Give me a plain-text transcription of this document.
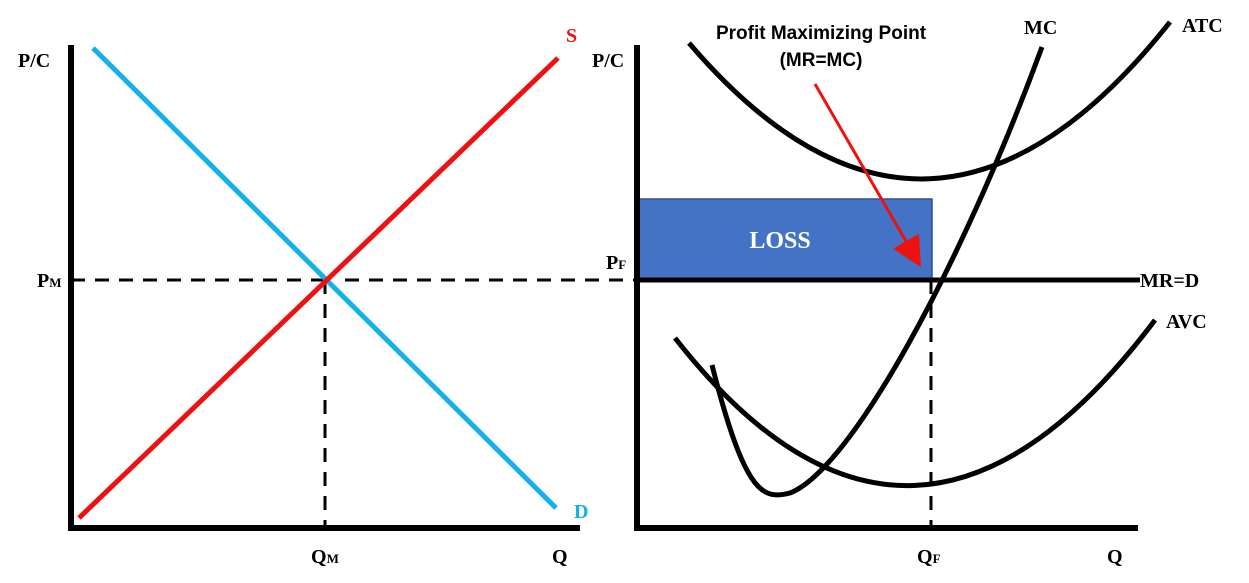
P/C
Q
S
D
PM
QM
LOSS
P/C
Q
PF
QF
MC	ATC
AVC
MR=D
Profit Maximizing Point
(MR=MC)
